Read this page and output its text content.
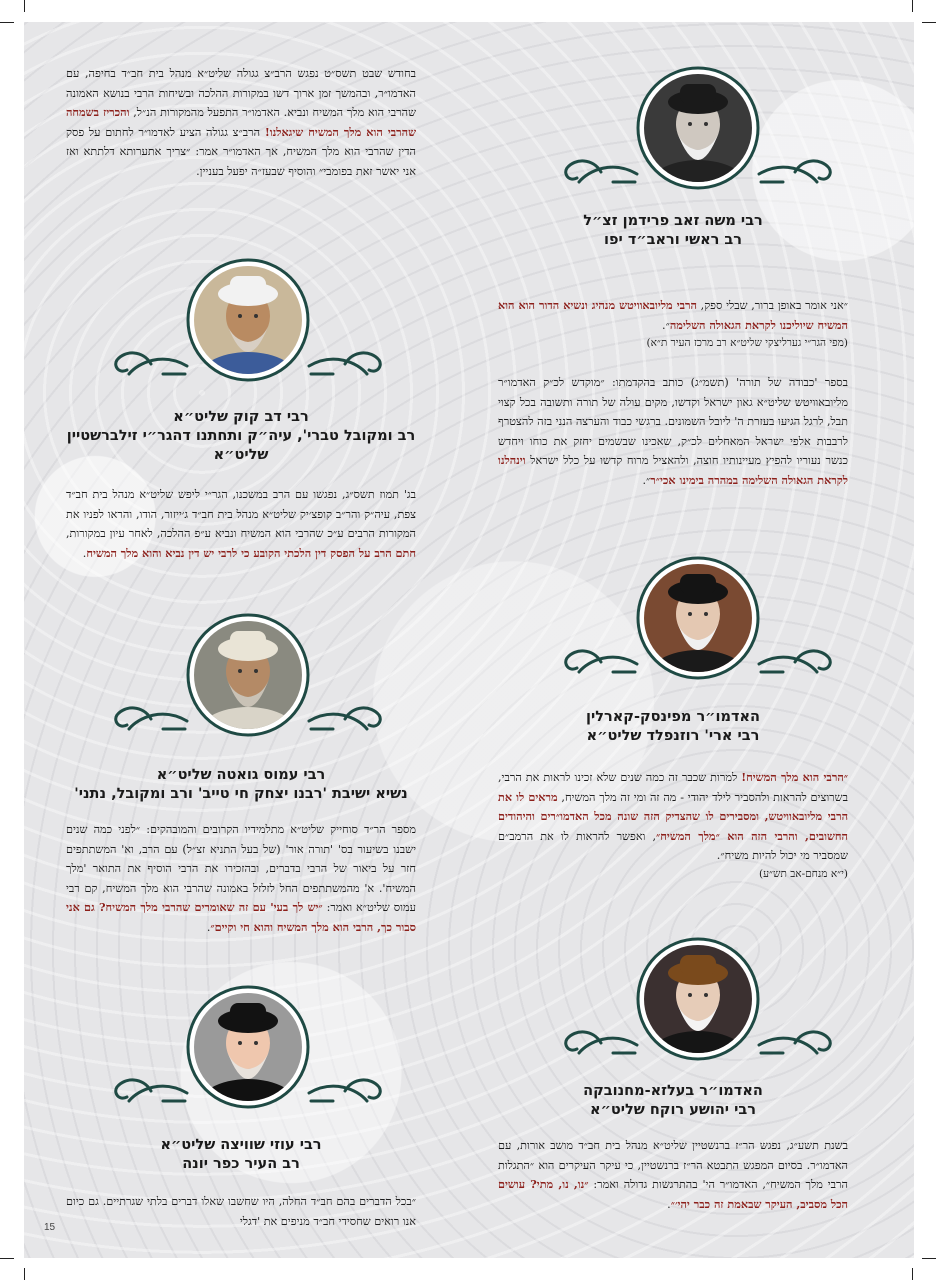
רבי משה זאב פרידמן זצ״ל
רב ראשי וראב״ד יפו
״אני אומר באופן ברור, שבלי ספק, הרבי מליובאוויטש מנהיג ונשיא הדור הוא הוא המשיח שיוליכנו לקראת הגאולה השלימה״.
(מפי הגר״י גערליצקי שליט״א רב מרכז העיר ת״א)
בספר 'כבודה של תורה' (תשמ״ג) כותב בהקדמתו: ״מוקדש לכ״ק האדמו״ר מליובאוויטש שליט״א גאון ישראל וקדשו, מקים עולה של תורה ותשובה בכל קצוי תבל, לרגל הגיעו בעזרת ה' ליובל השמונים. ברגשי כבוד והערצה הנני בזה להצטרף לרבבות אלפי ישראל המאחלים לכ״ק, שאכינו שבשמים יחזק את כוחו ויחדש כנשר נעוריו להפיץ מעיינותיו חוצה, ולהאציל מרוח קדשו על כלל ישראל וינהלנו לקראת הגאולה השלימה במהרה בימינו אכי״ר״.
האדמו״ר מפינסק-קארלין
רבי ארי' רוזנפלד שליט״א
״הרבי הוא מלך המשיח! למרות שכבר זה כמה שנים שלא זכינו לראות את הרבי, בשרוצים להראות ולהסביר לילד יהודי - מה זה ומי זה מלך המשיח, מראים לו את הרבי מליובאוויטש, ומסבירים לו שהצדיק הזה שונה מכל האדמו״רים והיהודים החשובים, והרבי הזה הוא ״מלך המשיח״, ואפשר להראות לו את הרמב״ם שמסביר מי יכול להיות משיח״.
(י״א מנחם-אב תש״ע)
האדמו״ר בעלזא-מחנובקה
רבי יהושע רוקח שליט״א
בשנת תשע״ג, נפגש הר״ז ברנשטיין שליט״א מנהל בית חב״ד מושב אורות, עם האדמו״ר. בסיום המפגש התבטא הר״ז ברנשטיין, כי עיקר העיקרים הוא ״התגלות הרבי מלך המשיח״, האדמו״ר הי' בהתרגשות גדולה ואמר: ״נו, נו, מתי? עושים הכל מסביב, העיקר שבאמת זה כבר יהי׳״.
בחודש שבט תשס״ט נפגש הרב״צ גגולה שליט״א מנהל בית חב״ד בחיפה, עם האדמו״ר, ובהמשך זמן ארוך דשו במקורות ההלכה ובשיחות הרבי בנושא האמונה שהרבי הוא מלך המשיח ונביא. האדמו״ר התפעל מהמקורות הנ״ל, והכריז בשמחה שהרבי הוא מלך המשיח שיגאלנו! הרב״צ גגולה הציע לאדמו״ר לחתום על פסק הדין שהרבי הוא מלך המשיח, אך האדמו״ר אמר: ״צריך אתערותא דלתתא ואז אני יאשר זאת בפומבי״ והוסיף שבעז״ה יפעל בעניין.
רבי דב קוק שליט״א
רב ומקובל טברי', עיה״ק ותחתנו דהגר״י זילברשטיין שליט״א
בג' תמוז תשס״ג, נפגשו עם הרב במשכנו, הגר״י ליפש שליט״א מנהל בית חב״ד צפת, עיה״ק והר״ב קופצ׳יק שליט״א מנהל בית חב״ד ג׳ייזור, הודו, והראו לפניו את המקורות הרבים ע״כ שהרבי הוא המשיח ונביא ע״פ ההלכה, לאחר עיון במקורות, חתם הרב על הפסק דין הלכתי הקובע כי לרבי יש דין נביא והוא מלך המשיח.
רבי עמוס גואטה שליט״א
נשיא ישיבת 'רבנו יצחק חי טייב' ורב ומקובל, נתני'
מספר הר״ד סוחייק שליט״א מתלמידיו הקרובים והמובהקים: ״לפני כמה שנים ישבנו בשיעור בס' 'תורה אור' (של בעל התניא זצ״ל) עם הרב, וא' המשתתפים חזר על ביאור של הרבי בדברים, ובהזכירו את הרבי הוסיף את התואר 'מלך המשיח'. א' מהמשתתפים החל לזלזל באמונה שהרבי הוא מלך המשיח, קם רבי עמוס שליט״א ואמר: ״יש לך בעי' עם זה שאומרים שהרבי מלך המשיח? גם אני סבור כך, הרבי הוא מלך המשיח והוא חי וקיים״.
רבי עוזי שוויצה שליט״א
רב העיר כפר יונה
״בכל הדברים בהם חב״ד החלה, היו שחשבו שאלו דברים בלתי שגרתיים. גם כיום אנו רואים שחסידי חב״ד מניפים את 'דגלי
15
